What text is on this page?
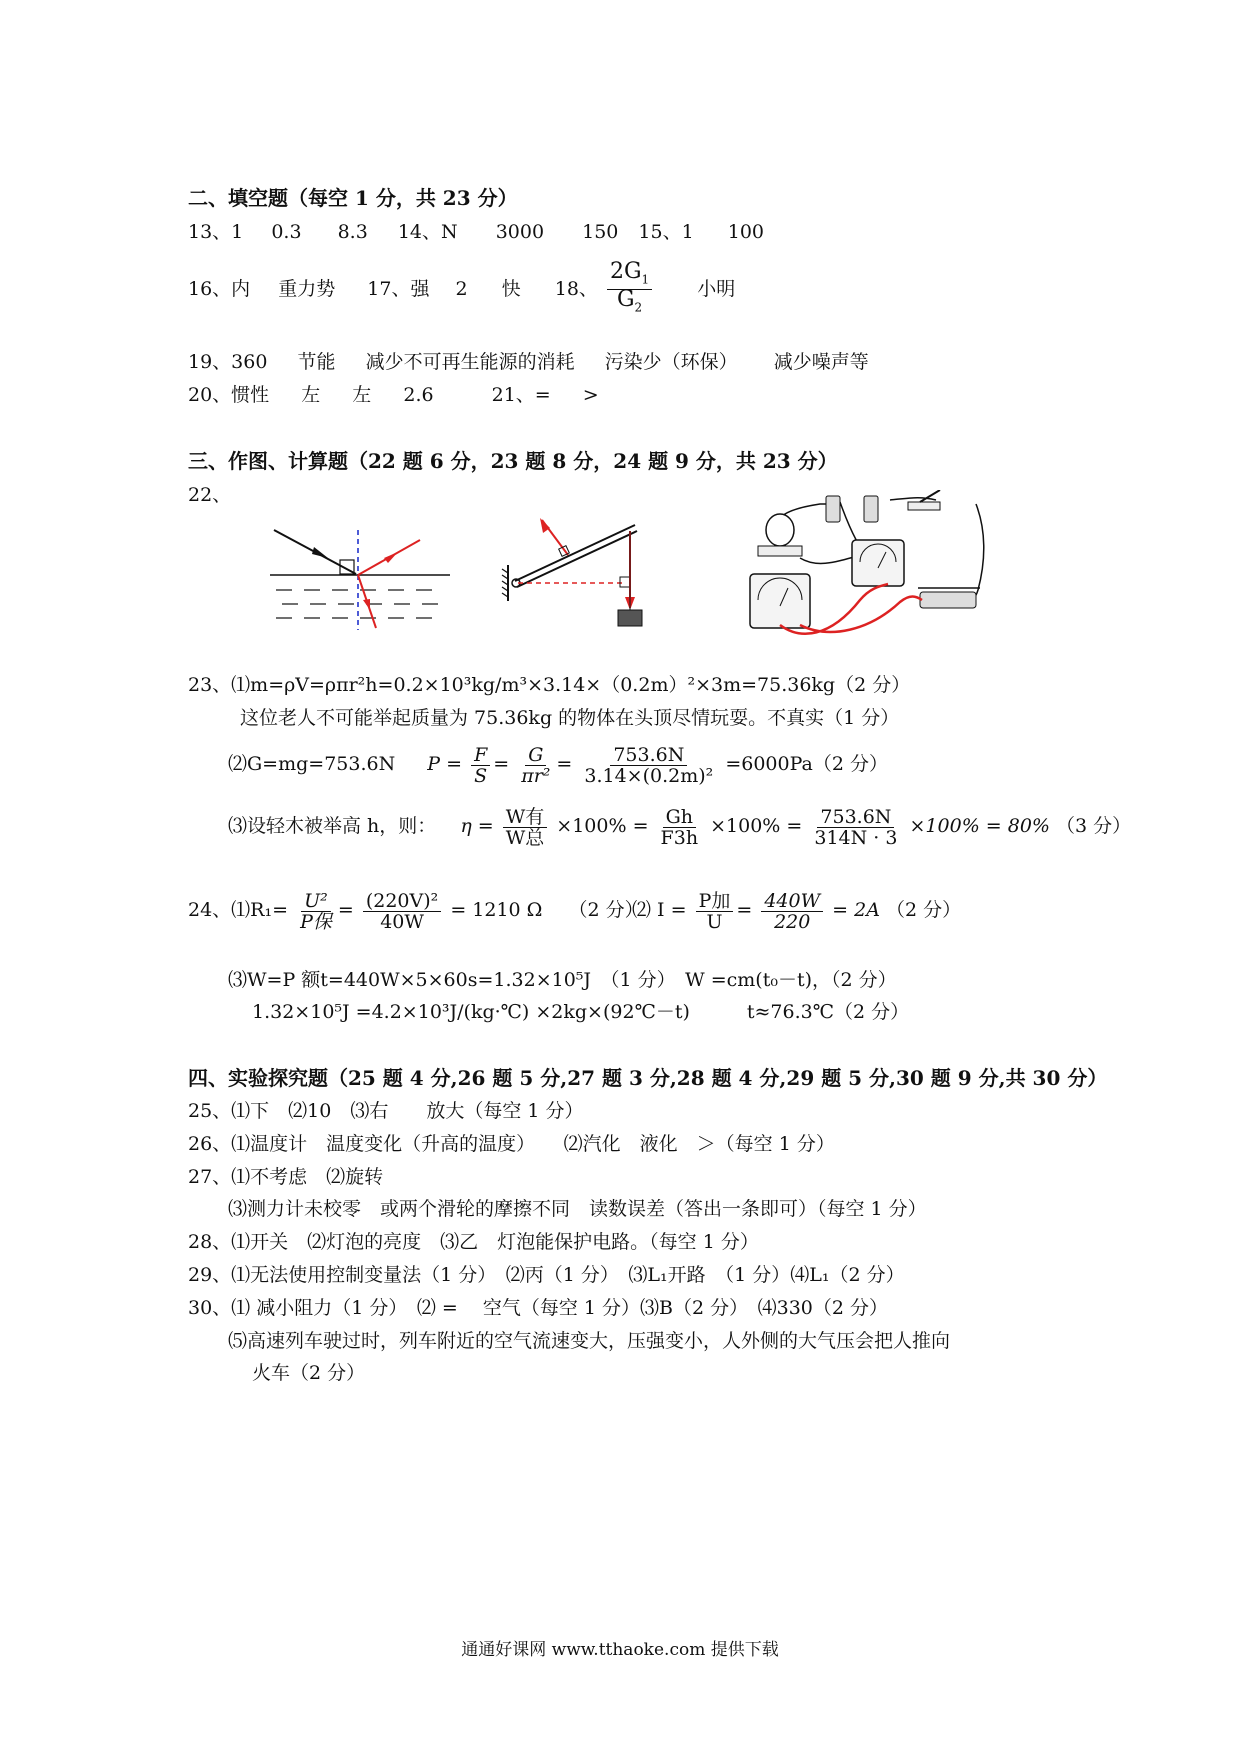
二、填空题（每空 1 分，共 23 分）
13、1 0.3 8.3 14、N 3000 150 15、1 100
16、内 重力势 17、强 2 快 18、 $\frac{2G_1}{G_2}$ 小明
19、360 节能 减少不可再生能源的消耗 污染少（环保） 减少噪声等
20、惯性 左 左 2.6	21、= >
三、作图、计算题（22 题 6 分，23 题 8 分，24 题 9 分，共 23 分）
22、
23、⑴m=ρV=ρπr²h=0.2×10³kg/m³×3.14×（0.2m）²×3m=75.36kg（2 分）
这位老人不可能举起质量为 75.36kg 的物体在头顶尽情玩耍。不真实（1 分）
⑵G=mg=753.6N $P = \frac{F}{S} = \frac{G}{\text{πr²}} = \frac{753.6N}{\text{3.14×(0.2m)²}} =6000Pa(2$ 分）
⑶设轻木被举高 h，则： $\eta = \frac{\text{W有}}{\text{W总}} \times 100\% = \frac{Gh}{F3h} \times 100\% = \frac{753.6N}{314N \cdot 3} \times 100\% = 80\%$ （3 分）
24、⑴R₁= $\frac{\text{U²}}{\text{P保}} = \frac{\text{(220V)²}}{40W} = 1210$ Ω （2 分）
⑵ $I = \frac{\text{P加}}{U} = \frac{440W}{220} = 2A$ （2 分）
⑶W=P 额t=440W×5×60s=1.32×10⁵J　（1 分）　W =cm(t₀－t)，（2 分）
1.32×10⁵J =4.2×10³J/(kg·℃) ×2kg×(92℃－t)　　　t≈76.3℃（2 分）
四、实验探究题（25 题 4 分,26 题 5 分,27 题 3 分,28 题 4 分,29 题 5 分,30 题 9 分,共 30 分）
25、⑴下　⑵10　⑶右　　放大（每空 1 分）
26、⑴温度计　温度变化（升高的温度）　　⑵汽化　液化　＞（每空 1 分）
27、⑴不考虑　⑵旋转
⑶测力计未校零　或两个滑轮的摩擦不同　读数误差（答出一条即可）（每空 1 分）
28、⑴开关　⑵灯泡的亮度　⑶乙　灯泡能保护电路。（每空 1 分）
29、⑴无法使用控制变量法（1 分）　⑵丙（1 分）　⑶L₁开路　（1 分）⑷L₁（2 分）
30、⑴ 减小阻力（1 分）　⑵ =　 空气（每空 1 分）⑶B（2 分）　⑷330（2 分）
⑸高速列车驶过时，列车附近的空气流速变大，压强变小，人外侧的大气压会把人推向
火车（2 分）
通通好课网 www.tthaoke.com 提供下载
